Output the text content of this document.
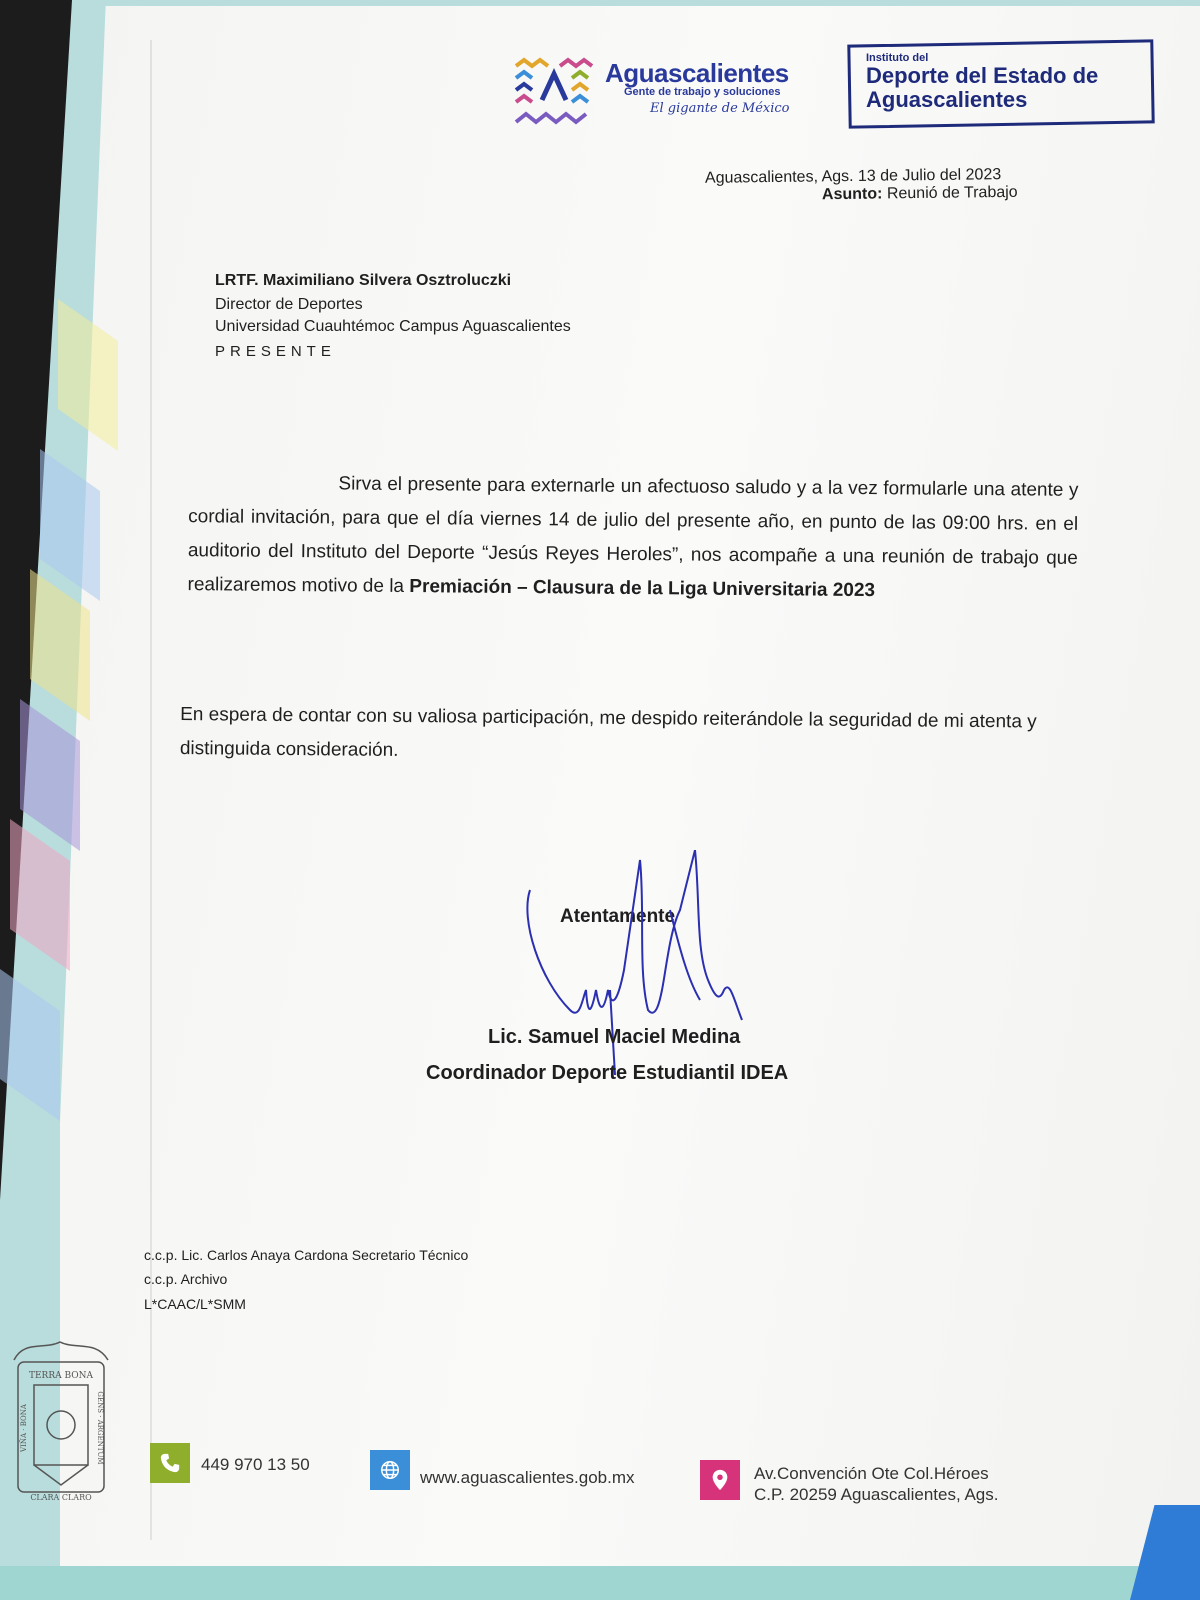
Aguascalientes

Gente de trabajo y soluciones

El gigante de México

Instituto del

Deporte del Estado de Aguascalientes

Aguascalientes, Ags. 13 de Julio del 2023

Asunto: Reunió de Trabajo

LRTF. Maximiliano Silvera Osztroluczki

Director de Deportes

Universidad Cuauhtémoc Campus Aguascalientes

PRESENTE

Sirva el presente para externarle un afectuoso saludo y a la vez formularle una atente y cordial invitación, para que el día viernes 14 de julio del presente año, en punto de las 09:00 hrs. en el auditorio del Instituto del Deporte “Jesús Reyes Heroles”, nos acompañe a una reunión de trabajo que realizaremos motivo de la Premiación – Clausura de la Liga Universitaria 2023

En espera de contar con su valiosa participación, me despido reiterándole la seguridad de mi atenta y distinguida consideración.

Atentamente

Lic. Samuel Maciel Medina

Coordinador Deporte Estudiantil IDEA

c.c.p. Lic. Carlos Anaya Cardona Secretario Técnico

c.c.p. Archivo

L*CAAC/L*SMM

TERRA BONA
CLARA CLARO
VIÑA · BONA	GENS · ARGENTUM	449 970 13 50

www.aguascalientes.gob.mx	Av.Convención Ote Col.Héroes

C.P. 20259 Aguascalientes, Ags.
